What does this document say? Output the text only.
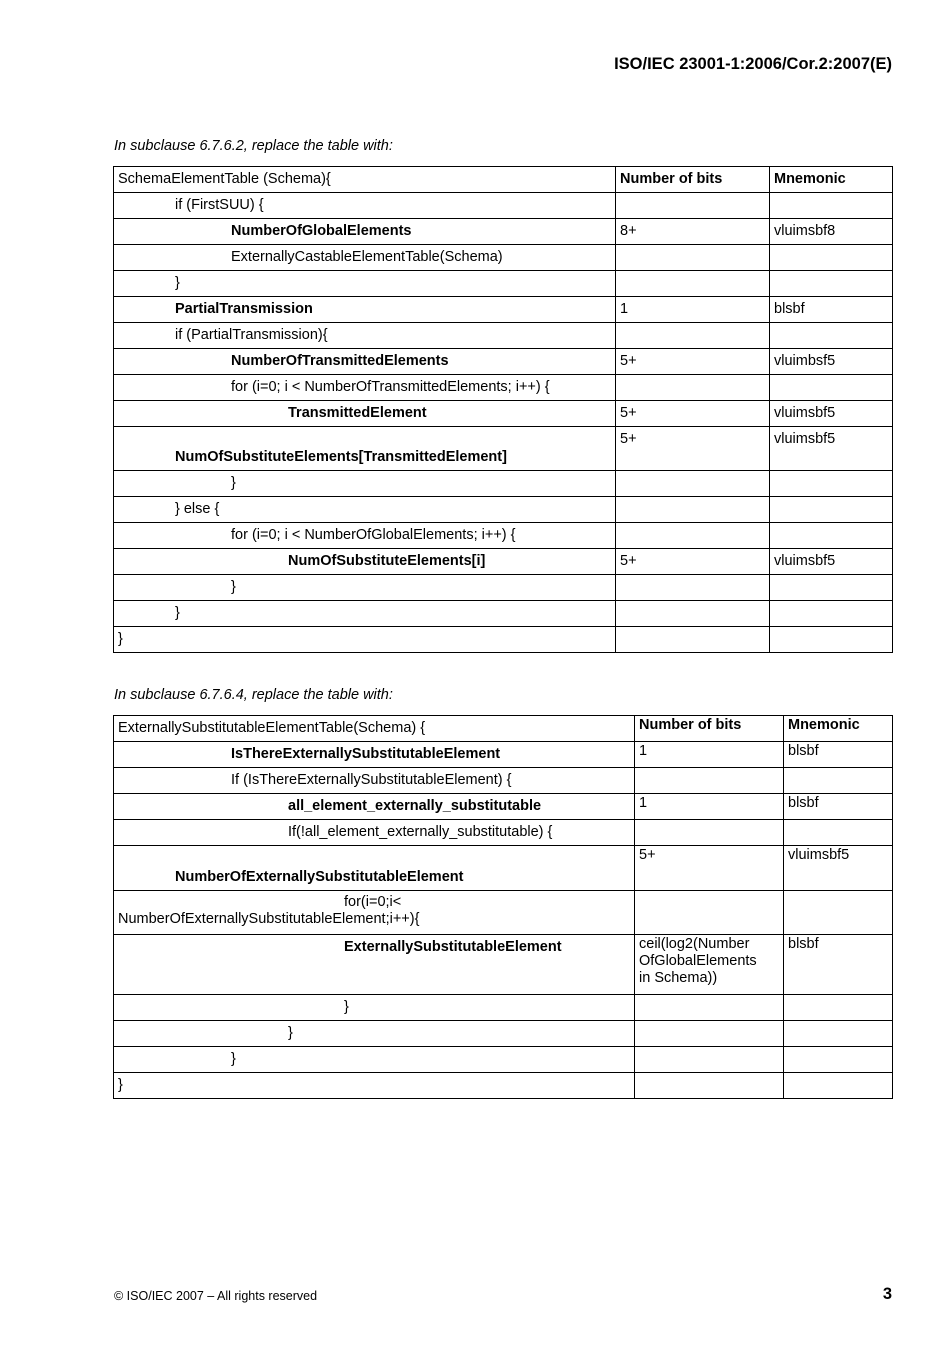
ISO/IEC 23001-1:2006/Cor.2:2007(E)
In subclause 6.7.6.2, replace the table with:
SchemaElementTable (Schema){	Number of bits	Mnemonic
if (FirstSUU) {		
NumberOfGlobalElements	8+	vluimsbf8
ExternallyCastableElementTable(Schema)		
}		
PartialTransmission	1	blsbf
if (PartialTransmission){		
NumberOfTransmittedElements	5+	vluimbsf5
for (i=0; i < NumberOfTransmittedElements; i++) {		
TransmittedElement	5+	vluimsbf5
NumOfSubstituteElements[TransmittedElement]	5+	vluimsbf5
}		
} else {		
for (i=0; i < NumberOfGlobalElements; i++) {		
NumOfSubstituteElements[i]	5+	vluimsbf5
}		
}		
}		
In subclause 6.7.6.4, replace the table with:
ExternallySubstitutableElementTable(Schema) {	Number of bits	Mnemonic
IsThereExternallySubstitutableElement	1	blsbf
If (IsThereExternallySubstitutableElement) {		
all_element_externally_substitutable	1	blsbf
If(!all_element_externally_substitutable) {		
NumberOfExternallySubstitutableElement	5+	vluimsbf5

for(i=0;i<
NumberOfExternallySubstitutableElement;i++){		

ExternallySubstitutableElement	ceil(log2(Number
OfGlobalElements
in Schema))	blsbf
}		
}		
}		
}		
© ISO/IEC 2007 – All rights reserved	3
